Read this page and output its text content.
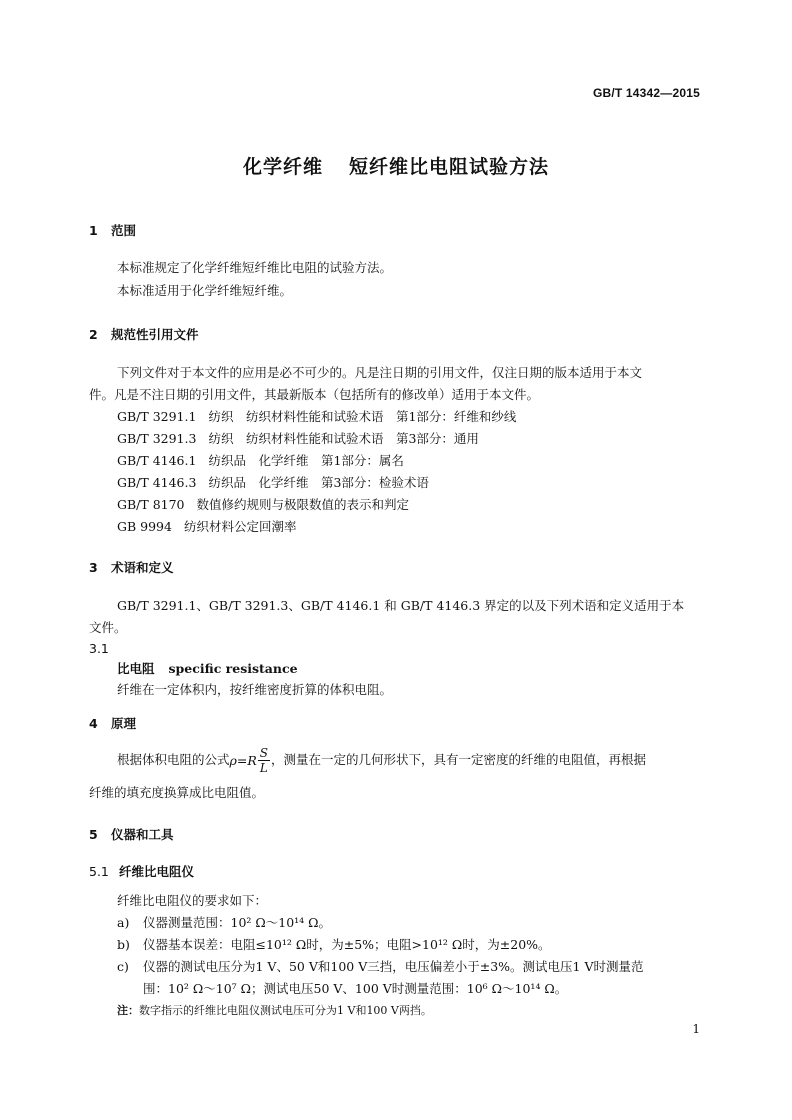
GB/T 14342—2015
化学纤维 短纤维比电阻试验方法
1 范围
本标准规定了化学纤维短纤维比电阻的试验方法。
本标准适用于化学纤维短纤维。
2 规范性引用文件
下列文件对于本文件的应用是必不可少的。凡是注日期的引用文件，仅注日期的版本适用于本文
件。凡是不注日期的引用文件，其最新版本（包括所有的修改单）适用于本文件。
GB/T 3291.1 纺织　纺织材料性能和试验术语　第1部分：纤维和纱线
GB/T 3291.3 纺织　纺织材料性能和试验术语　第3部分：通用
GB/T 4146.1 纺织品　化学纤维　第1部分：属名
GB/T 4146.3 纺织品　化学纤维　第3部分：检验术语
GB/T 8170 数值修约规则与极限数值的表示和判定
GB 9994 纺织材料公定回潮率
3 术语和定义
GB/T 3291.1、GB/T 3291.3、GB/T 4146.1 和 GB/T 4146.3 界定的以及下列术语和定义适用于本
文件。
3.1
比电阻 specific resistance
纤维在一定体积内，按纤维密度折算的体积电阻。
4 原理
根据体积电阻的公式$\rho=R \frac{S}{L}$ ，测量在一定的几何形状下，具有一定密度的纤维的电阻值，再根据
纤维的填充度换算成比电阻值。
5 仪器和工具
5.1 纤维比电阻仪
纤维比电阻仪的要求如下：
a) 仪器测量范围：10² Ω～10¹⁴ Ω。
b) 仪器基本误差：电阻≤10¹² Ω时，为±5%；电阻>10¹² Ω时，为±20%。
c) 仪器的测试电压分为1 V、50 V和100 V三挡，电压偏差小于±3%。测试电压1 V时测量范
围：10² Ω～10⁷ Ω；测试电压50 V、100 V时测量范围：10⁶ Ω～10¹⁴ Ω。
注：数字指示的纤维比电阻仪测试电压可分为1 V和100 V两挡。
1
